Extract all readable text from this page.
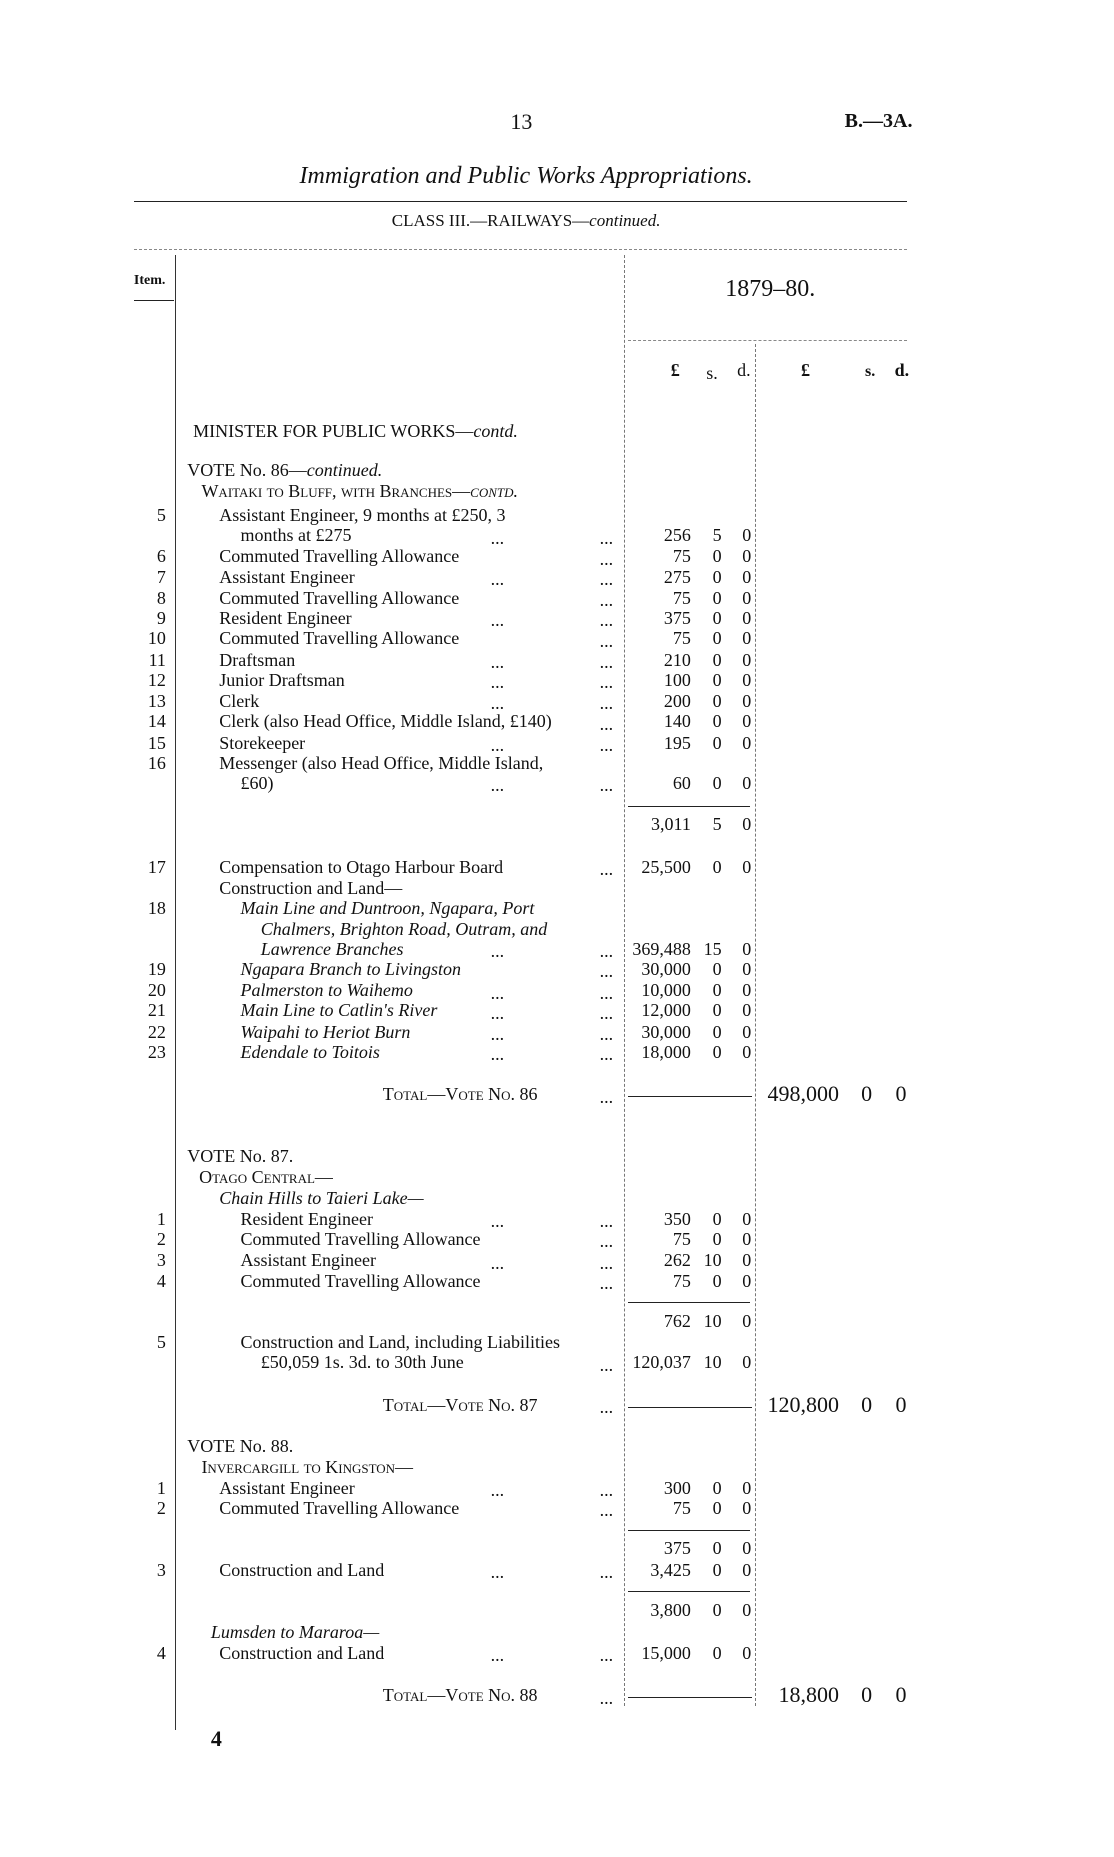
13	B.—3A.
Immigration and Public Works Appropriations.
CLASS III.—RAILWAYS—continued.
Item.	1879–80.
£ s. d.	£	s. d.
MINISTER FOR PUBLIC WORKS—contd.
VOTE No. 86—continued.
Waitaki to Bluff, with Branches—contd.
5	Assistant Engineer, 9 months at £250, 3
months at £275	...	...	256 5 0
6	Commuted Travelling Allowance	...	75 0 0
7	Assistant Engineer	...	...	275 0 0
8	Commuted Travelling Allowance	...	75 0 0
9	Resident Engineer	...	...	375 0 0
10	Commuted Travelling Allowance	...	75 0 0
11	Draftsman	...	...	210 0 0
12	Junior Draftsman	...	...	100 0 0
13	Clerk	...	...	200 0 0
14	Clerk (also Head Office, Middle Island, £140)	...	140 0 0
15	Storekeeper	...	...	195 0 0
16	Messenger (also Head Office, Middle Island,
£60)	...	...	60 0 0
3,011 5 0
17	Compensation to Otago Harbour Board	... 25,500 0 0
Construction and Land—
18	Main Line and Duntroon, Ngapara, Port
Chalmers, Brighton Road, Outram, and
Lawrence Branches	...	... 369,488 15 0
19	Ngapara Branch to Livingston	... 30,000 0 0
20	Palmerston to Waihemo	...	... 10,000 0 0
21	Main Line to Catlin's River	...	... 12,000 0 0
22	Waipahi to Heriot Burn	...	... 30,000 0 0
23	Edendale to Toitois	...	... 18,000 0 0
Total—Vote No. 86	...	498,000 0 0
VOTE No. 87.
Otago Central—
Chain Hills to Taieri Lake—
1	Resident Engineer	...	...	350 0 0
2	Commuted Travelling Allowance	...	75 0 0
3	Assistant Engineer	...	...	262 10 0
4	Commuted Travelling Allowance	...	75 0 0
762 10 0
5	Construction and Land, including Liabilities
£50,059 1s. 3d. to 30th June	... 120,037 10 0
Total—Vote No. 87	...	120,800 0 0
VOTE No. 88.
Invercargill to Kingston—
1	Assistant Engineer	...	...	300 0 0
2	Commuted Travelling Allowance	...	75 0 0
375 0 0
3	Construction and Land	...	... 3,425 0 0
3,800 0 0
Lumsden to Mararoa—
4	Construction and Land	...	... 15,000 0 0
Total—Vote No. 88	...	18,800 0 0
4
